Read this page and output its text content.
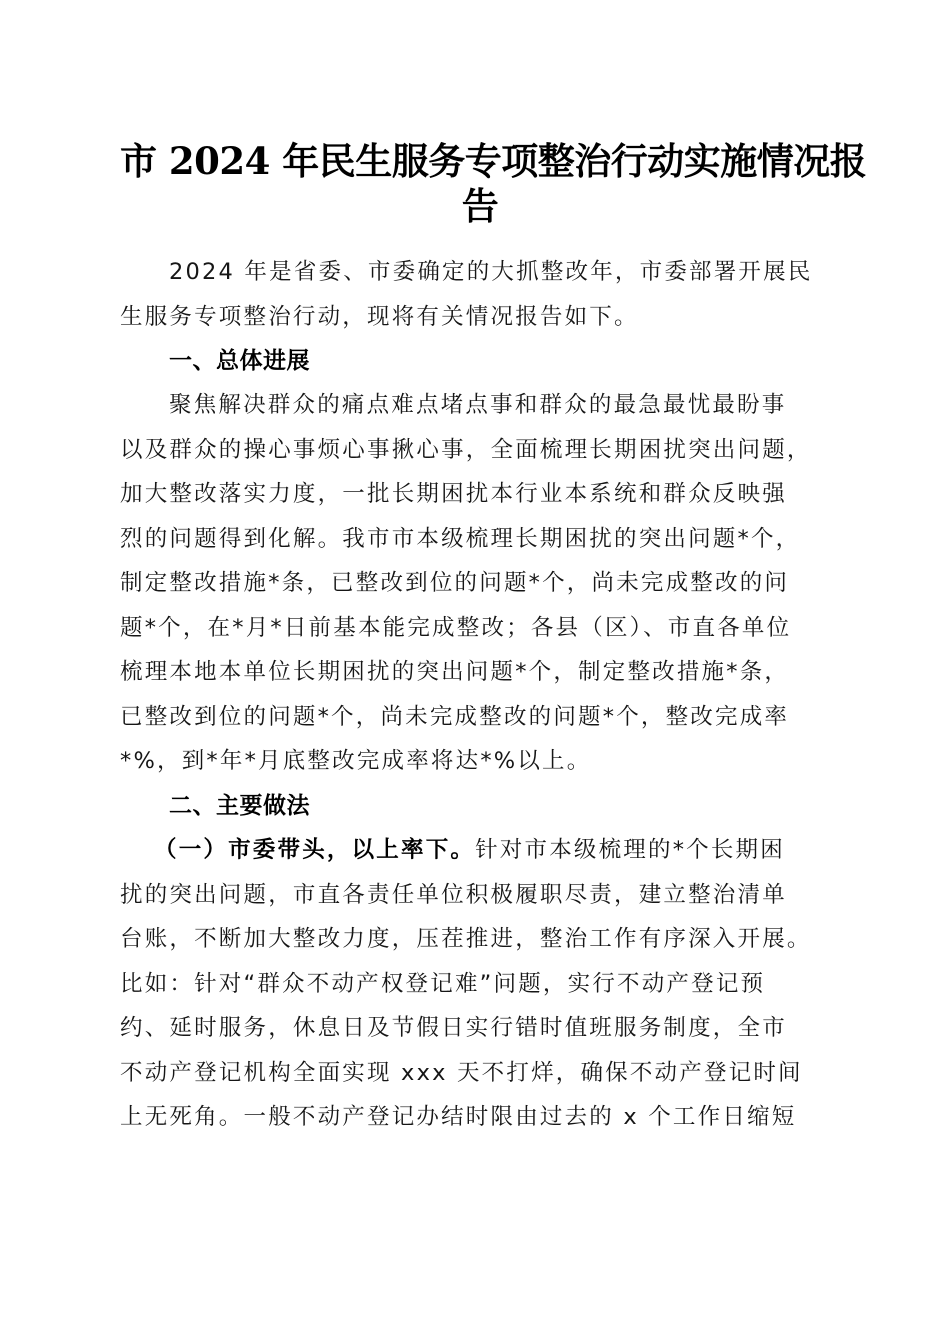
市 2024 年民生服务专项整治行动实施情况报
告
2024 年是省委、市委确定的大抓整改年，市委部署开展民
生服务专项整治行动，现将有关情况报告如下。
一、总体进展
聚焦解决群众的痛点难点堵点事和群众的最急最忧最盼事
以及群众的操心事烦心事揪心事，全面梳理长期困扰突出问题，
加大整改落实力度，一批长期困扰本行业本系统和群众反映强
烈的问题得到化解。我市市本级梳理长期困扰的突出问题*个，
制定整改措施*条，已整改到位的问题*个，尚未完成整改的问
题*个，在*月*日前基本能完成整改；各县（区）、市直各单位
梳理本地本单位长期困扰的突出问题*个，制定整改措施*条，
已整改到位的问题*个，尚未完成整改的问题*个，整改完成率
*%，到*年*月底整改完成率将达*%以上。
二、主要做法
（一）市委带头，以上率下。针对市本级梳理的*个长期困
扰的突出问题，市直各责任单位积极履职尽责，建立整治清单
台账，不断加大整改力度，压茬推进，整治工作有序深入开展。
比如：针对“群众不动产权登记难”问题，实行不动产登记预
约、延时服务，休息日及节假日实行错时值班服务制度，全市
不动产登记机构全面实现 xxx 天不打烊，确保不动产登记时间
上无死角。一般不动产登记办结时限由过去的 x 个工作日缩短
